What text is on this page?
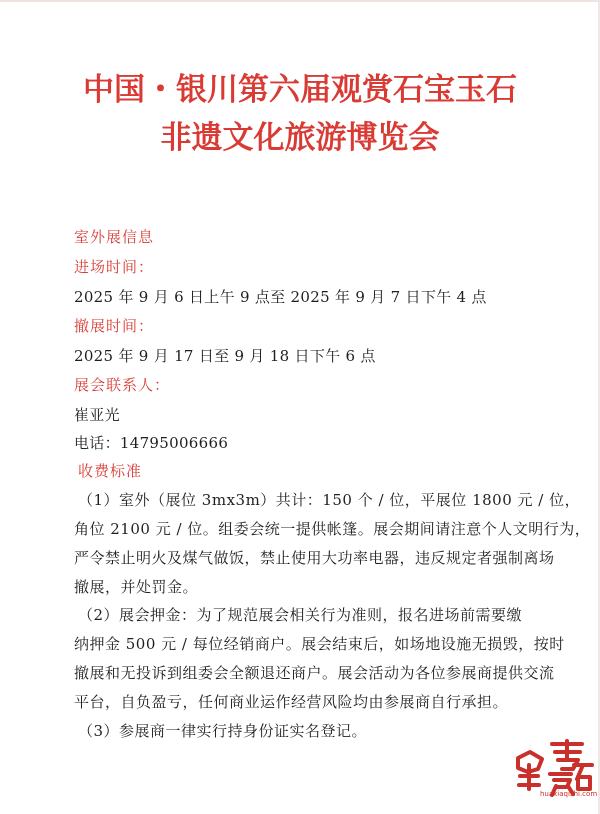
中国・银川第六届观赏石宝玉石
非遗文化旅游博览会
室外展信息
进场时间：
2025 年 9 月 6 日上午 9 点至 2025 年 9 月 7 日下午 4 点
撤展时间：
2025 年 9 月 17 日至 9 月 18 日下午 6 点
展会联系人：
崔亚光
电话：14795006666
收费标准
（1）室外（展位 3mx3m）共计：150 个 / 位，平展位 1800 元 / 位，
角位 2100 元 / 位。组委会统一提供帐篷。展会期间请注意个人文明行为，
严令禁止明火及煤气做饭，禁止使用大功率电器，违反规定者强制离场
撤展，并处罚金。
（2）展会押金：为了规范展会相关行为准则，报名进场前需要缴
纳押金 500 元 / 每位经销商户。展会结束后，如场地设施无损毁，按时
撤展和无投诉到组委会全额退还商户。展会活动为各位参展商提供交流
平台，自负盈亏，任何商业运作经营风险均由参展商自行承担。
（3）参展商一律实行持身份证实名登记。
huaxiaqishi.com
